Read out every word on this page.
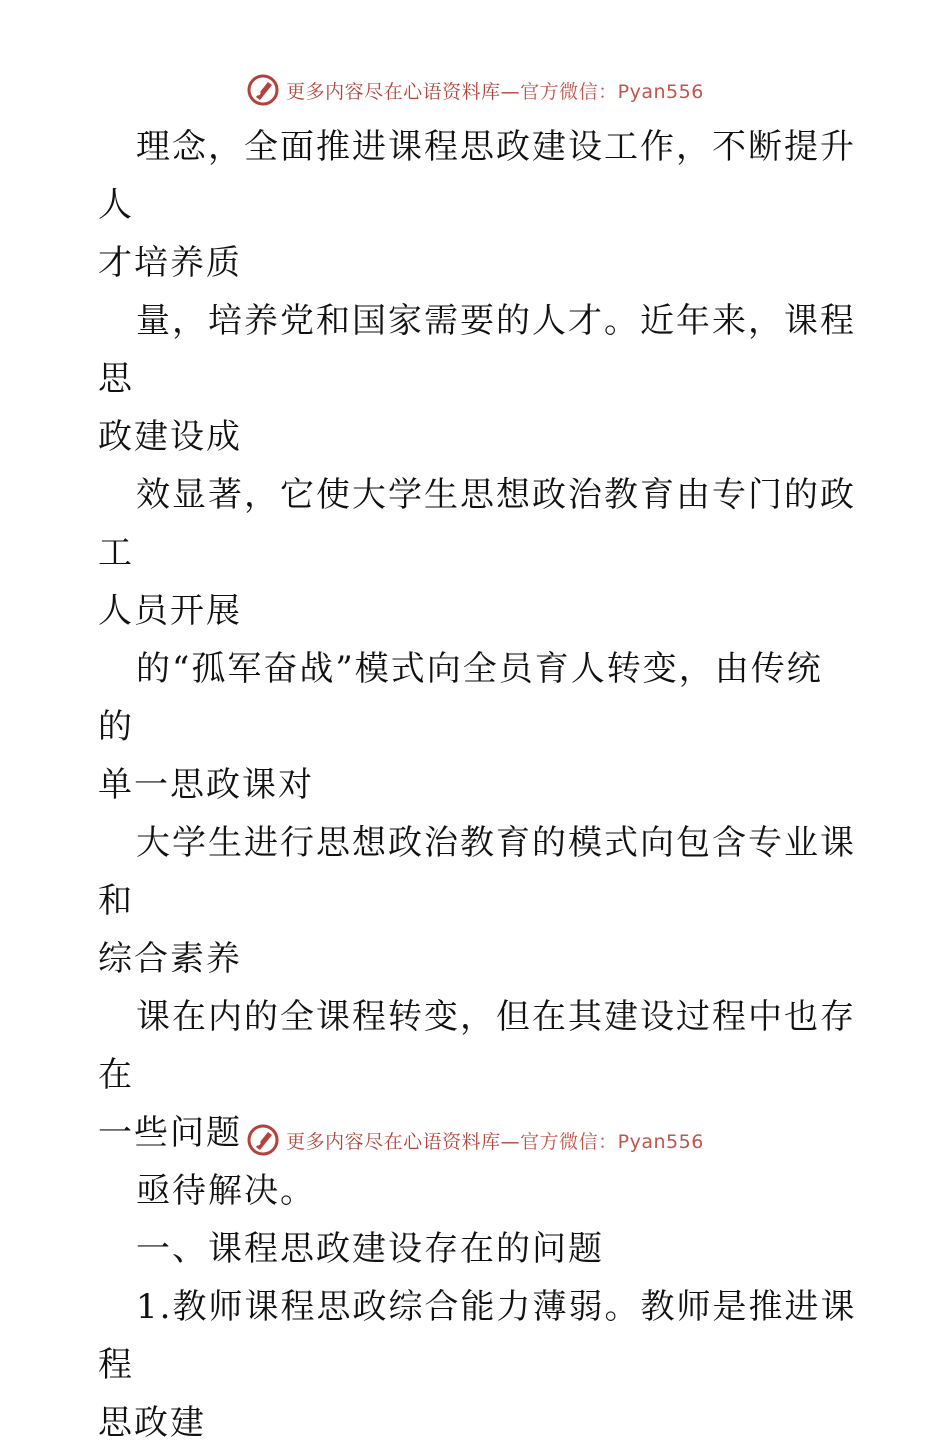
更多内容尽在心语资料库—官方微信：Pyan556
理念，全面推进课程思政建设工作，不断提升人
才培养质
量，培养党和国家需要的人才。近年来，课程思
政建设成
效显著，它使大学生思想政治教育由专门的政工
人员开展
的“孤军奋战”模式向全员育人转变，由传统的
单一思政课对
大学生进行思想政治教育的模式向包含专业课和
综合素养
课在内的全课程转变，但在其建设过程中也存在
一些问题
亟待解决。
一、课程思政建设存在的问题
1.教师课程思政综合能力薄弱。教师是推进课程
思政建
更多内容尽在心语资料库—官方微信：Pyan556
